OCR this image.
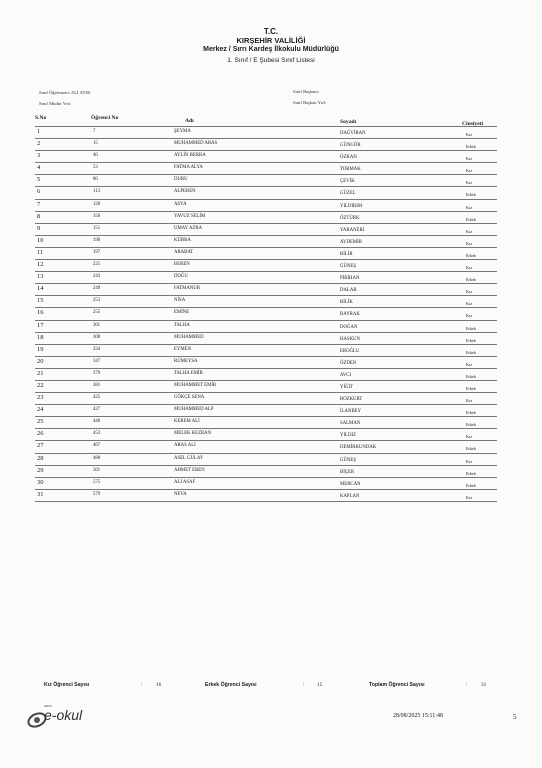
T.C.
KIRŞEHİR VALİLİĞİ
Merkez / Sırrı Kardeş İlkokulu Müdürlüğü
1. Sınıf / E Şubesi Sınıf Listesi
Sınıf Öğretmeni: ALİ AYIK
Sınıf Müdür Yrd:
Sınıf Başkanı:
Sınıf Başkan Yrd:
S.No	Öğrenci No	Adı	Soyadı	Cinsiyeti
1	7	ŞEYMA	DAĞVİRAN	Kız
2	15	MUHAMMED ARAS	GÜNGÖR	Erkek
3	40	AYLİN BERRA	ÖZKAN	Kız
4	53	FATMA ALYA	TORMAK	Kız
5	80	DURU	ÇEVİK	Kız
6	113	ALPEREN	GÜZEL	Erkek
7	128	ASYA	YILDIRIM	Kız
8	150	YAVUZ SELİM	ÖZTÜRK	Erkek
9	151	UMAY AZRA	YARANERİ	Kız
10	190	KÜBRA	AYDEMİR	Kız
11	197	ARABAT	BİLİR	Erkek
12	225	BEREN	GÜNEŞ	Kız
13	243	DOĞU	PİRİHAN	Erkek
14	249	FATMANUR	DALAR	Kız
15	253	NİSA	BİLİK	Kız
16	255	EMİNE	BAYRAK	Kız
17	301	TALHA	DOĞAN	Erkek
18	308	MUHAMMED	HASKUN	Erkek
19	334	EYMEN	EROĞLU	Erkek
20	347	RÜMEYSA	ÖZDEN	Kız
21	379	TALHA EMİR	AVCI	Erkek
22	381	MUHAMMET EMİR	YİĞİT	Erkek
23	425	GÖKÇE SENA	BOZKURT	Kız
24	427	MUHAMMED ALP	İLANBEY	Erkek
25	446	KEREM ALİ	SALMAN	Erkek
26	453	MELEK KEZBAN	YILDIZ	Kız
27	467	ARAS ALİ	DEMİRKUNDAK	Erkek
28	488	ASEL GÜLAY	GÜNEŞ	Kız
29	501	AHMET EREN	BİÇER	Erkek
30	575	ALİ ASAF	MERCAN	Erkek
31	579	NEVA	KAPLAN	Kız
Kız Öğrenci Sayısı	:	16	Erkek Öğrenci Sayısı	: 15	Toplam Öğrenci Sayısı	:	31
MEB
e-okul	28/08/2025 15:11:48	5
